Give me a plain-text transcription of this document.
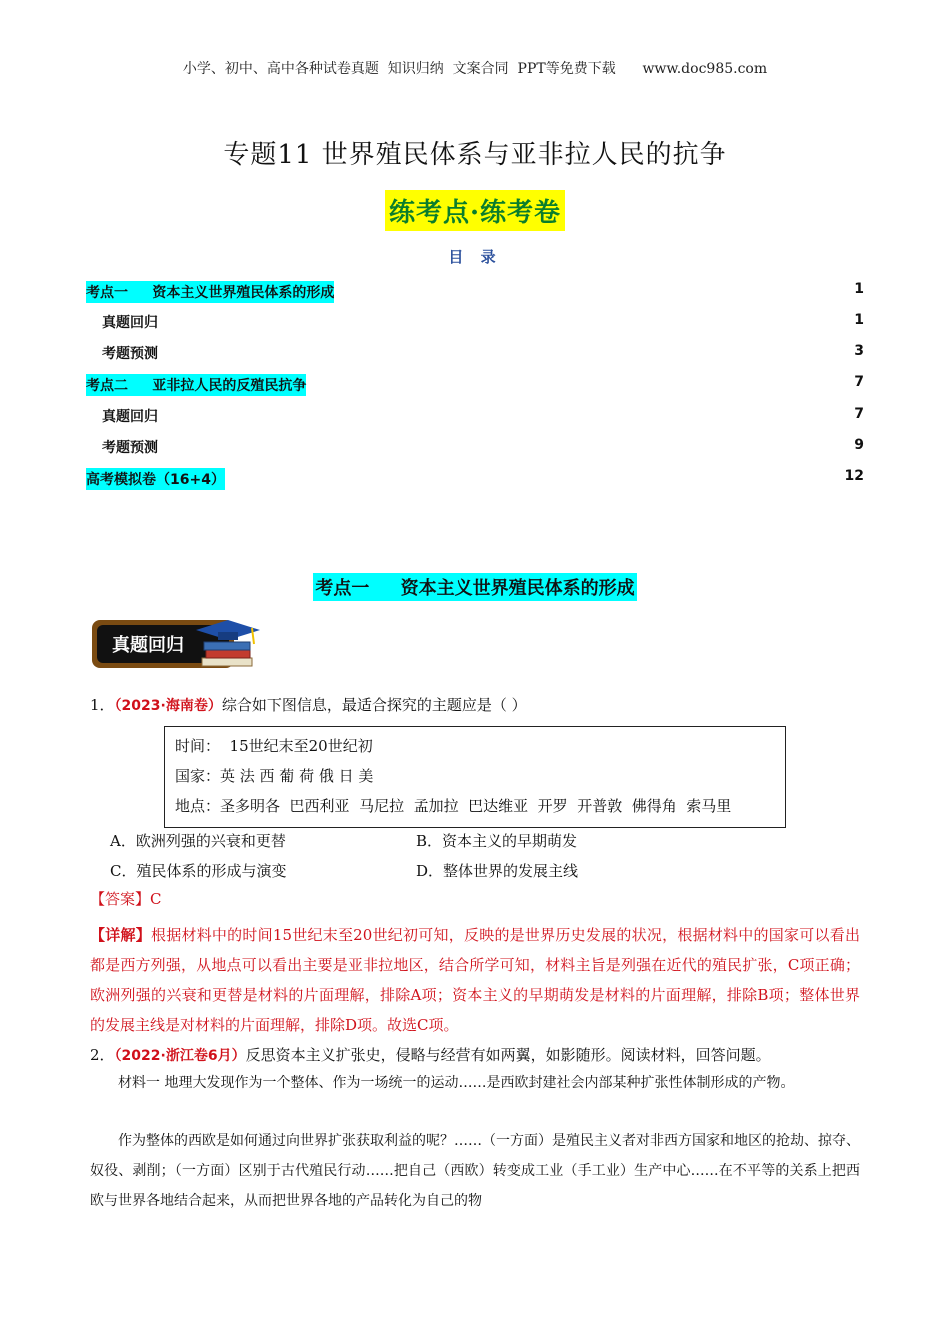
小学、初中、高中各种试卷真题  知识归纳  文案合同  PPT等免费下载      www.doc985.com
专题11 世界殖民体系与亚非拉人民的抗争
练考点·练考卷
目 录
考点一     资本主义世界殖民体系的形成	1
真题回归	1
考题预测	3
考点二     亚非拉人民的反殖民抗争	7
真题回归	7
考题预测	9
高考模拟卷（16+4）	12
考点一     资本主义世界殖民体系的形成
真题回归
1．（2023·海南卷）综合如下图信息，最适合探究的主题应是（ ）
时间：  15世纪末至20世纪初
国家：英 法 西 葡 荷 俄 日 美
地点：圣多明各  巴西利亚  马尼拉  孟加拉  巴达维亚  开罗  开普敦  佛得角  索马里
A．欧洲列强的兴衰和更替	B．资本主义的早期萌发
C．殖民体系的形成与演变	D．整体世界的发展主线
【答案】C
【详解】根据材料中的时间15世纪末至20世纪初可知，反映的是世界历史发展的状况，根据材料中的国家可以看出都是西方列强，从地点可以看出主要是亚非拉地区，结合所学可知，材料主旨是列强在近代的殖民扩张，C项正确；欧洲列强的兴衰和更替是材料的片面理解，排除A项；资本主义的早期萌发是材料的片面理解，排除B项；整体世界的发展主线是对材料的片面理解，排除D项。故选C项。
2．（2022·浙江卷6月）反思资本主义扩张史，侵略与经营有如两翼，如影随形。阅读材料，回答问题。
材料一 地理大发现作为一个整体、作为一场统一的运动……是西欧封建社会内部某种扩张性体制形成的产物。
作为整体的西欧是如何通过向世界扩张获取利益的呢？……（一方面）是殖民主义者对非西方国家和地区的抢劫、掠夺、奴役、剥削；（一方面）区别于古代殖民行动……把自己（西欧）转变成工业（手工业）生产中心……在不平等的关系上把西欧与世界各地结合起来，从而把世界各地的产品转化为自己的物
